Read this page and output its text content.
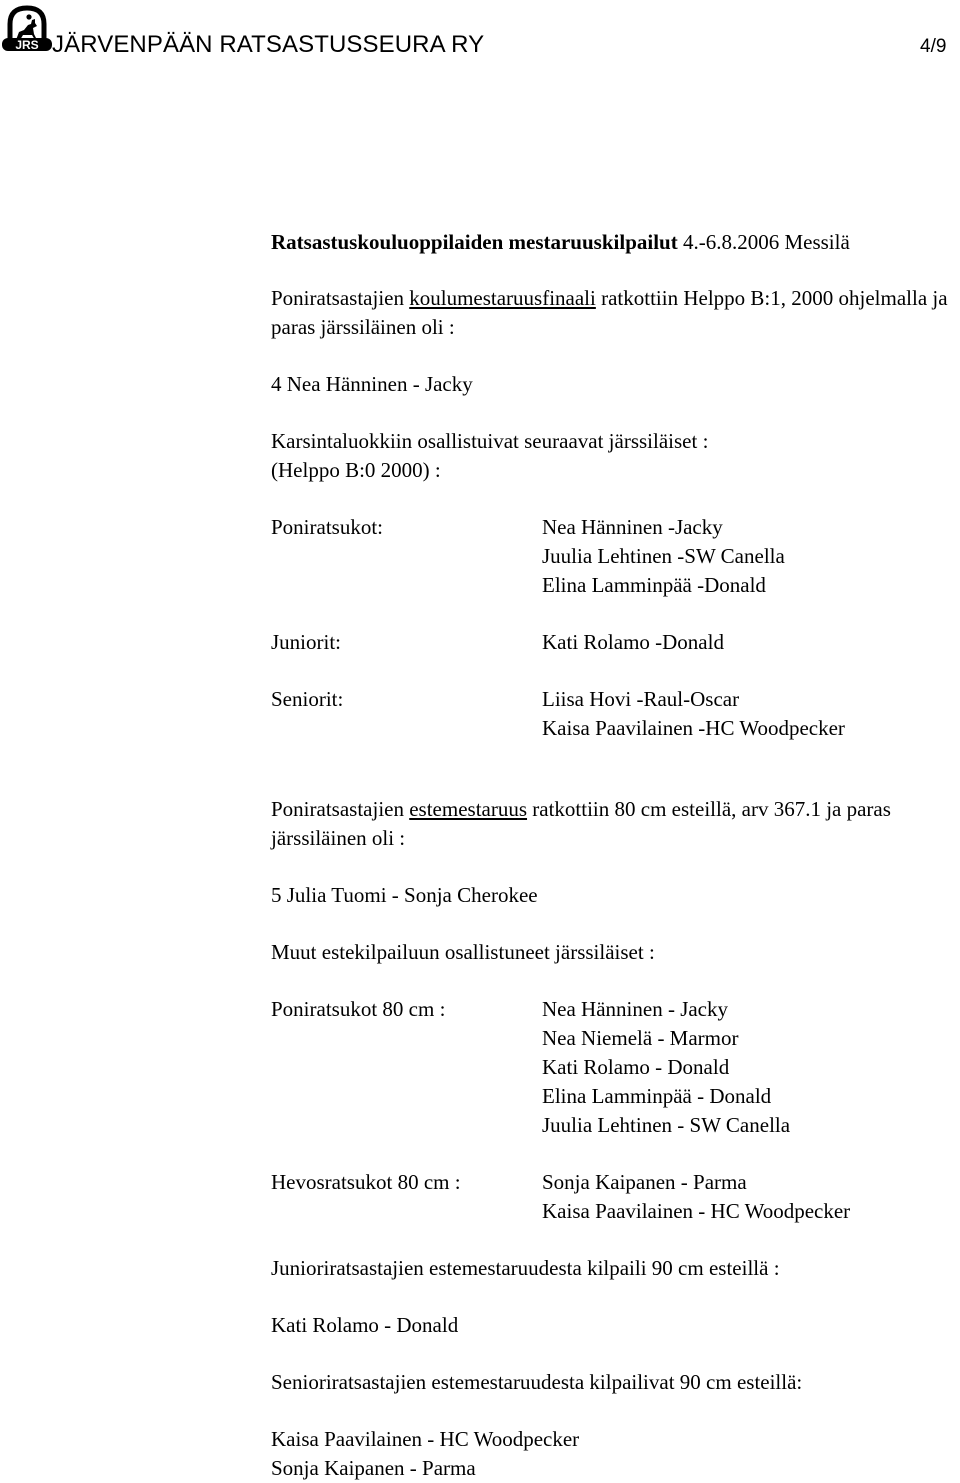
JRS JÄRVENPÄÄN RATSASTUSSEURA RY	4/9
Ratsastuskouluoppilaiden mestaruuskilpailut 4.-6.8.2006 Messilä

Poniratsastajien koulumestaruusfinaali ratkottiin Helppo B:1, 2000 ohjelmalla ja paras järssiläinen oli :

4 Nea Hänninen - Jacky

Karsintaluokkiin osallistuivat seuraavat järssiläiset :
(Helppo B:0 2000) :

Poniratsukot:	Nea Hänninen -Jacky
Juulia Lehtinen -SW Canella
Elina Lamminpää -Donald
Juniorit:	Kati Rolamo -Donald
Seniorit:	Liisa Hovi -Raul-Oscar
Kaisa Paavilainen -HC Woodpecker

Poniratsastajien estemestaruus ratkottiin 80 cm esteillä, arv 367.1 ja paras järssiläinen oli :

5 Julia Tuomi - Sonja Cherokee

Muut estekilpailuun osallistuneet järssiläiset :

Poniratsukot 80 cm :	Nea Hänninen - Jacky
Nea Niemelä - Marmor
Kati Rolamo - Donald
Elina Lamminpää - Donald
Juulia Lehtinen - SW Canella
Hevosratsukot 80 cm :	Sonja Kaipanen - Parma
Kaisa Paavilainen - HC Woodpecker

Junioriratsastajien estemestaruudesta kilpaili 90 cm esteillä :

Kati Rolamo - Donald

Senioriratsastajien estemestaruudesta kilpailivat 90 cm esteillä:

Kaisa Paavilainen - HC Woodpecker
Sonja Kaipanen - Parma
